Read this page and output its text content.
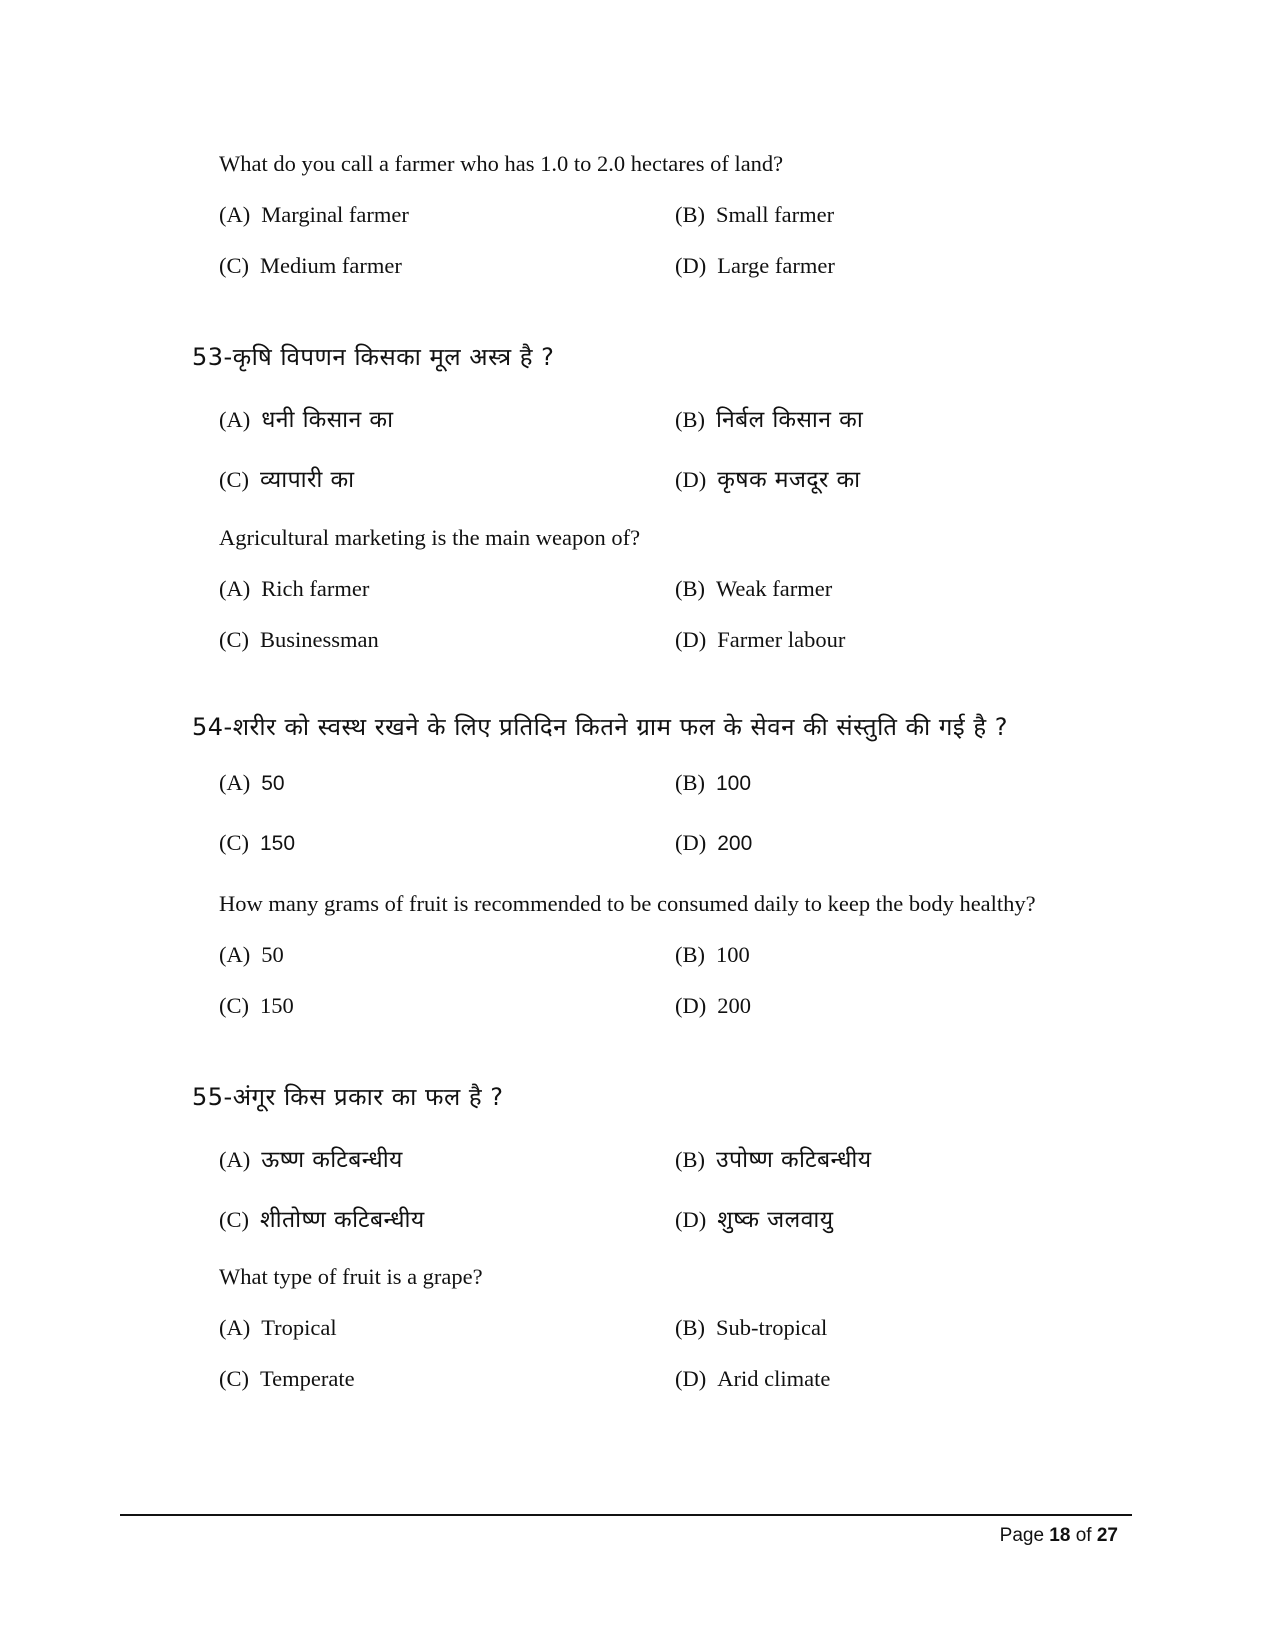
What do you call a farmer who has 1.0 to 2.0 hectares of land?
(A) Marginal farmer	(B) Small farmer
(C) Medium farmer	(D) Large farmer
53-कृषि विपणन किसका मूल अस्त्र है ?
(A) धनी किसान का	(B) निर्बल किसान का
(C) व्यापारी का	(D) कृषक मजदूर का
Agricultural marketing is the main weapon of?
(A) Rich farmer	(B) Weak farmer
(C) Businessman	(D) Farmer labour
54-शरीर को स्वस्थ रखने के लिए प्रतिदिन कितने ग्राम फल के सेवन की संस्तुति की गई है ?
(A) 50	(B) 100
(C) 150	(D) 200
How many grams of fruit is recommended to be consumed daily to keep the body healthy?
(A) 50	(B) 100
(C) 150	(D) 200
55-अंगूर किस प्रकार का फल है ?
(A) ऊष्ण कटिबन्धीय	(B) उपोष्ण कटिबन्धीय
(C) शीतोष्ण कटिबन्धीय	(D) शुष्क जलवायु
What type of fruit is a grape?
(A) Tropical	(B) Sub-tropical
(C) Temperate	(D) Arid climate
Page 18 of 27
